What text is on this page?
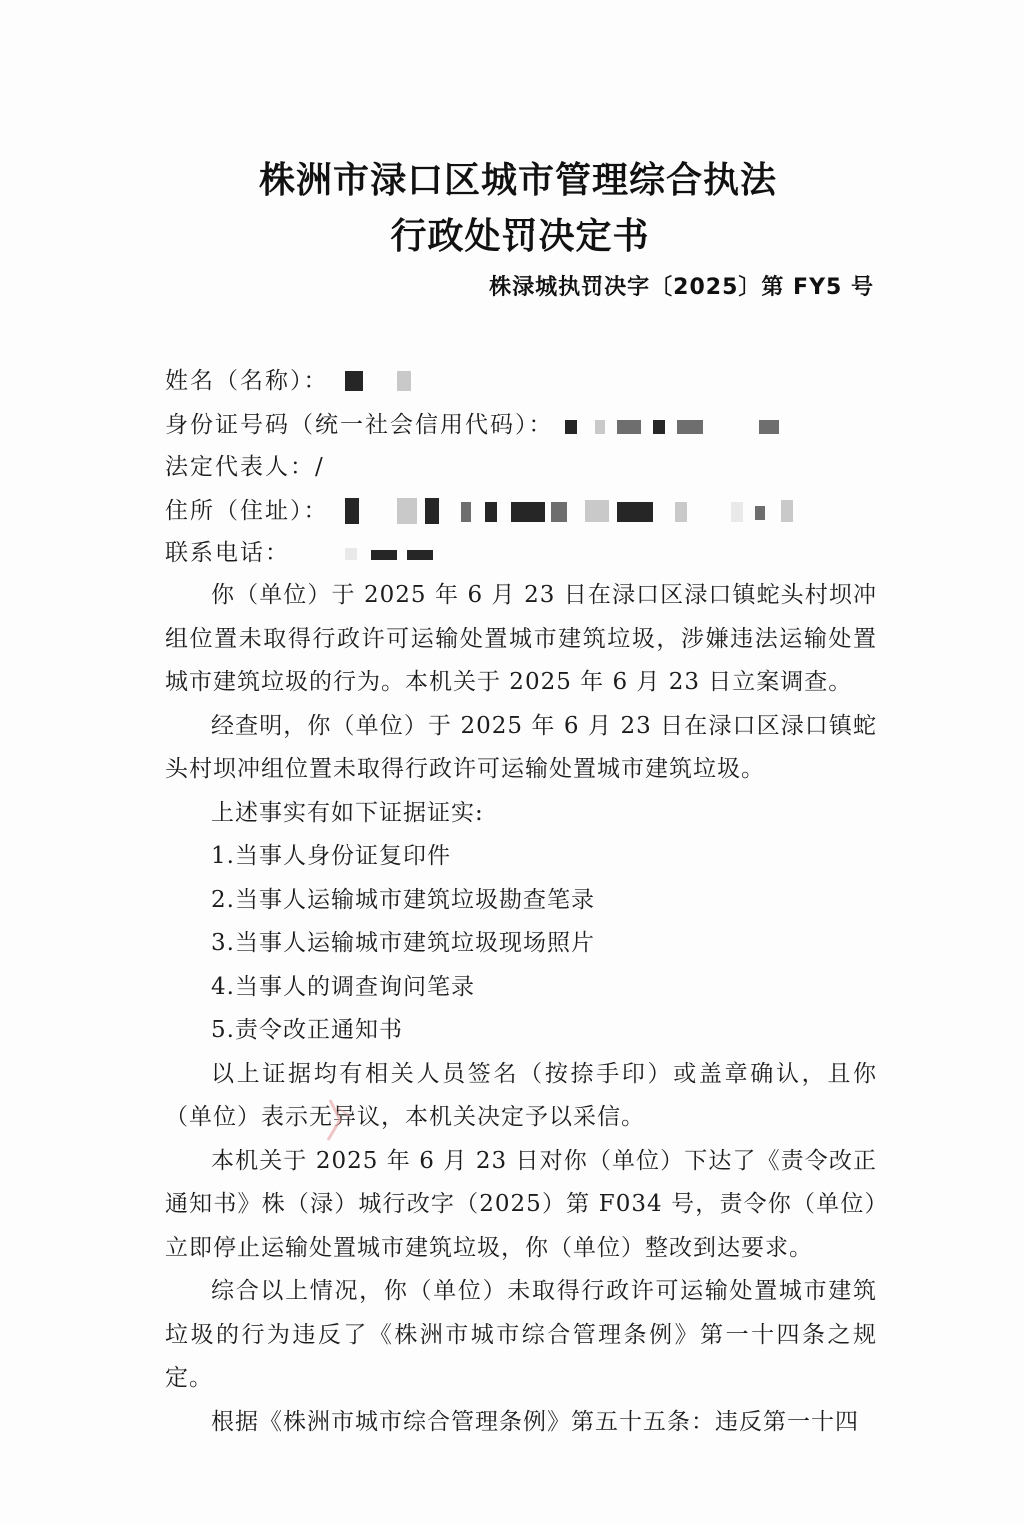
株洲市渌口区城市管理综合执法
行政处罚决定书
株渌城执罚决字〔2025〕第 FY5 号
姓名（名称）：
身份证号码（统一社会信用代码）：
法定代表人：/
住所（住址）：
联系电话：

你（单位）于 2025 年 6 月 23 日在渌口区渌口镇蛇头村坝冲组位置未取得行政许可运输处置城市建筑垃圾，涉嫌违法运输处置城市建筑垃圾的行为。本机关于 2025 年 6 月 23 日立案调查。

经查明，你（单位）于 2025 年 6 月 23 日在渌口区渌口镇蛇头村坝冲组位置未取得行政许可运输处置城市建筑垃圾。

上述事实有如下证据证实:

1.当事人身份证复印件

2.当事人运输城市建筑垃圾勘查笔录

3.当事人运输城市建筑垃圾现场照片

4.当事人的调查询问笔录

5.责令改正通知书

以上证据均有相关人员签名（按捺手印）或盖章确认，且你（单位）表示无异议，本机关决定予以采信。

本机关于 2025 年 6 月 23 日对你（单位）下达了《责令改正通知书》株（渌）城行改字（2025）第 F034 号，责令你（单位）立即停止运输处置城市建筑垃圾，你（单位）整改到达要求。

综合以上情况，你（单位）未取得行政许可运输处置城市建筑垃圾的行为违反了《株洲市城市综合管理条例》第一十四条之规定。

根据《株洲市城市综合管理条例》第五十五条：违反第一十四
